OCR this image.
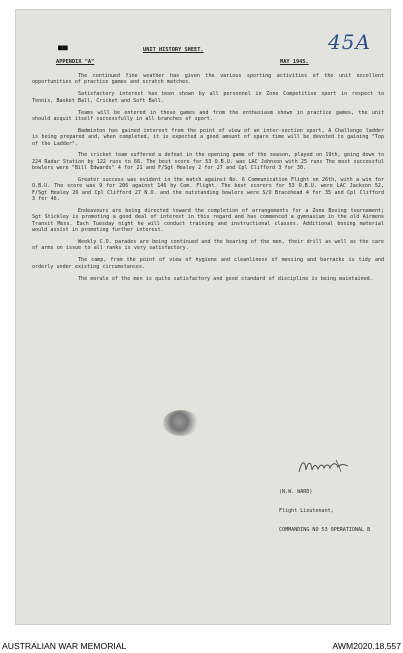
■■	45A
UNIT HISTORY SHEET.
APPENDIX "A"	MAY 1945.

The continued fine weather has given the various sporting activities of the unit excellent opportunities of practice games and scratch matches.

Satisfactory interest has been shown by all personnel in Zone Competitive sport in respect to Tennis, Basket Ball, Cricket and Soft Ball.

Teams will be entered in these games and from the enthusiasm shown in practice games, the unit should acquit itself successfully in all branches of sport.

Badminton has gained interest from the point of view of an inter-section sport, A Challenge ladder is being prepared and, when completed, it is expected a good amount of spare time will be devoted to gaining "Top of the Ladder".

The cricket team suffered a defeat in the opening game of the season, played on 19th, going down to 224 Radar Station by 122 runs to 66. The best score for 53 O.B.U. was LAC Johnson with 25 runs The most successful bowlers were "Bill Edwards" 4 for 21 and F/Sgt Healey 2 for 27 and Cpl Clifford 3 for 30.

Greater success was evident in the match against No. 6 Communication Flight on 26th, with a win for O.B.U. The score was 9 for 206 against 146 by Com. Flight. The best scorers for 53 O.B.U. were LAC Jackson 52, F/Sgt Healey 26 and Cpl Clifford 27 N.O. and the outstanding bowlers were S/O Bracehead 4 for 35 and Cpl Clifford 3 for 46.

Endeavours are being directed toward the completion of arrangements for a Zone Boxing tournament; Sgt Stickley is promoting a good deal of interest in this regard and has commenced a gymnasium in the old Airmens Transit Mess. Each Tuesday night he will conduct training and instructional classes. Additional boxing material would assist in promoting further interest.

Weekly C.O. parades are being continued and the bearing of the men, their drill as well as the care of arms on issue to all ranks is very satisfactory.

The camp, from the point of view of hygiene and cleanliness of messing and barracks is tidy and orderly under existing circumstances.

The morale of the men is quite satisfactory and good standard of discipline is being maintained.

(N.W. WARD)

Flight Lieutenant,

COMMANDING NO 53 OPERATIONAL B

AUSTRALIAN WAR MEMORIAL	AWM2020.18.557
